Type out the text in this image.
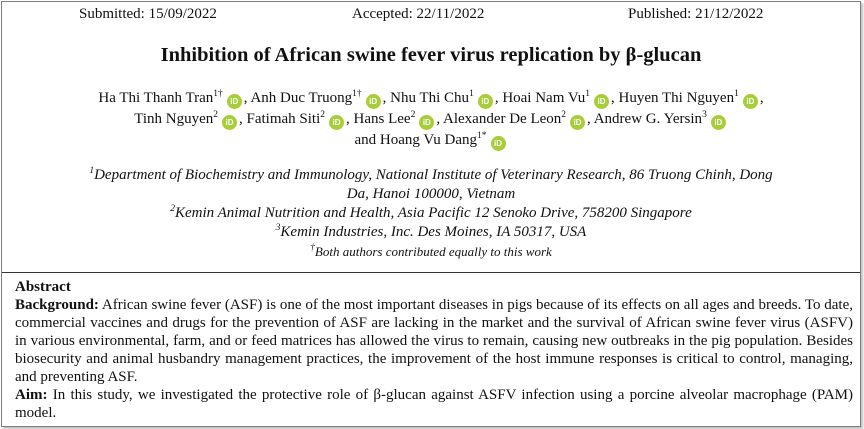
Submitted: 15/09/2022	Accepted: 22/11/2022	Published: 21/12/2022
Inhibition of African swine fever virus replication by β-glucan
Ha Thi Thanh Tran$^{1\dagger}$iD , Anh Duc Truong$^{1\dagger}$iD , Nhu Thi Chu$^1$iD , Hoai Nam Vu$^1$iD , Huyen Thi Nguyen$^1$iD ,
Tinh Nguyen$^2$iD , Fatimah Siti$^2$iD , Hans Lee$^2$iD , Alexander De Leon$^2$iD , Andrew G. Yersin$^3$iD
and Hoang Vu Dang$^{1*}$iD
$^1$Department of Biochemistry and Immunology, National Institute of Veterinary Research, 86 Truong Chinh, Dong
Da, Hanoi 100000, Vietnam
$^2$Kemin Animal Nutrition and Health, Asia Pacific 12 Senoko Drive, 758200 Singapore
$^3$Kemin Industries, Inc. Des Moines, IA 50317, USA
†Both authors contributed equally to this work
Abstract

Background: African swine fever (ASF) is one of the most important diseases in pigs because of its effects on all ages and breeds. To date, commercial vaccines and drugs for the prevention of ASF are lacking in the market and the survival of African swine fever virus (ASFV) in various environmental, farm, and or feed matrices has allowed the virus to remain, causing new outbreaks in the pig population. Besides biosecurity and animal husbandry management practices, the improvement of the host immune responses is critical to control, managing, and preventing ASF.

Aim: In this study, we investigated the protective role of β-glucan against ASFV infection using a porcine alveolar macrophage (PAM) model.
